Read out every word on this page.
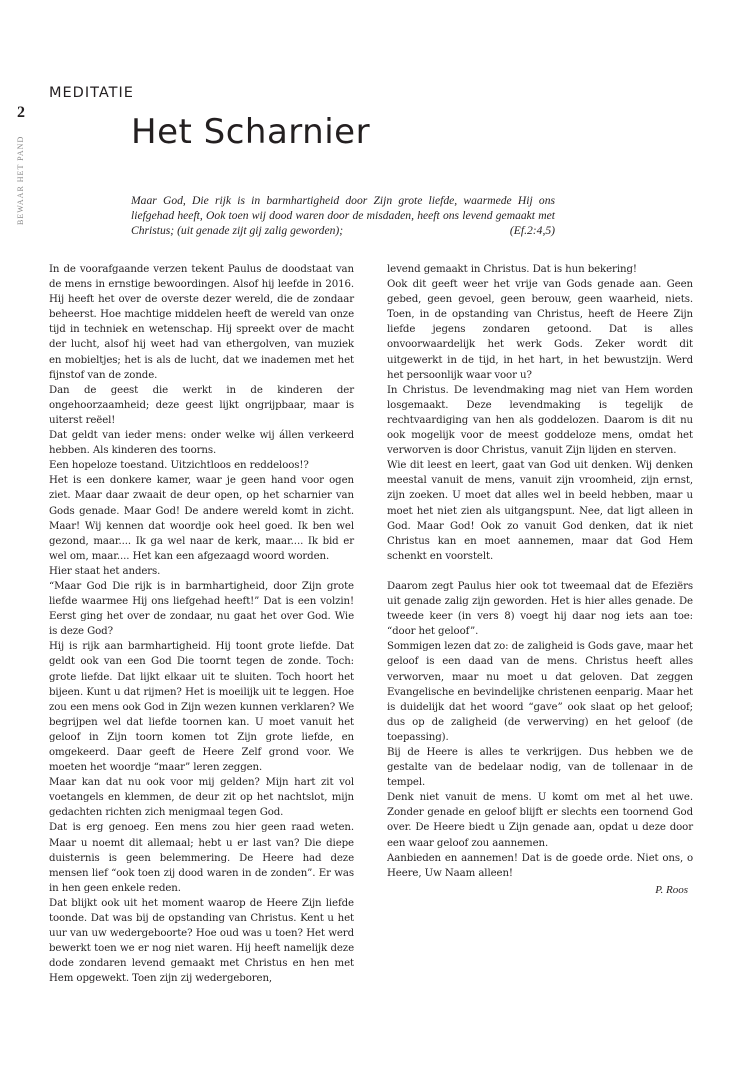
2
BEWAAR HET PAND
MEDITATIE
Het Scharnier
Maar God, Die rijk is in barmhartigheid door Zijn grote liefde, waarmede Hij ons liefgehad heeft, Ook toen wij dood waren door de misdaden, heeft ons levend gemaakt met Christus; (uit genade zijt gij zalig geworden);	(Ef.2:4,5)

In de voorafgaande verzen tekent Paulus de doodstaat van de mens in ernstige bewoordingen. Alsof hij leefde in 2016. Hij heeft het over de overste dezer wereld, die de zondaar beheerst. Hoe machtige middelen heeft de wereld van onze tijd in techniek en wetenschap. Hij spreekt over de macht der lucht, alsof hij weet had van ethergolven, van muziek en mobieltjes; het is als de lucht, dat we inademen met het fijnstof van de zonde.

Dan de geest die werkt in de kinderen der ongehoorzaamheid; deze geest lijkt ongrijpbaar, maar is uiterst reëel!

Dat geldt van ieder mens: onder welke wij állen verkeerd hebben. Als kinderen des toorns.

Een hopeloze toestand. Uitzichtloos en reddeloos!?

Het is een donkere kamer, waar je geen hand voor ogen ziet. Maar daar zwaait de deur open, op het scharnier van Gods genade. Maar God! De andere wereld komt in zicht. Maar! Wij kennen dat woordje ook heel goed. Ik ben wel gezond, maar.... Ik ga wel naar de kerk, maar.... Ik bid er wel om, maar.... Het kan een afgezaagd woord worden.

Hier staat het anders.

“Maar God Die rijk is in barmhartigheid, door Zijn grote liefde waarmee Hij ons liefgehad heeft!” Dat is een volzin! Eerst ging het over de zondaar, nu gaat het over God. Wie is deze God?

Hij is rijk aan barmhartigheid. Hij toont grote liefde. Dat geldt ook van een God Die toornt tegen de zonde. Toch: grote liefde. Dat lijkt elkaar uit te sluiten. Toch hoort het bijeen. Kunt u dat rijmen? Het is moeilijk uit te leggen. Hoe zou een mens ook God in Zijn wezen kunnen verklaren? We begrijpen wel dat liefde toornen kan. U moet vanuit het geloof in Zijn toorn komen tot Zijn grote liefde, en omgekeerd. Daar geeft de Heere Zelf grond voor. We moeten het woordje “maar” leren zeggen.

Maar kan dat nu ook voor mij gelden? Mijn hart zit vol voetangels en klemmen, de deur zit op het nachtslot, mijn gedachten richten zich menigmaal tegen God.

Dat is erg genoeg. Een mens zou hier geen raad weten. Maar u noemt dit allemaal; hebt u er last van? Die diepe duisternis is geen belemmering. De Heere had deze mensen lief “ook toen zij dood waren in de zonden”. Er was in hen geen enkele reden.

Dat blijkt ook uit het moment waarop de Heere Zijn liefde toonde. Dat was bij de opstanding van Christus. Kent u het uur van uw wedergeboorte? Hoe oud was u toen? Het werd bewerkt toen we er nog niet waren. Hij heeft namelijk deze dode zondaren levend gemaakt met Christus en hen met Hem opgewekt. Toen zijn zij wedergeboren,

levend gemaakt in Christus. Dat is hun bekering!

Ook dit geeft weer het vrije van Gods genade aan. Geen gebed, geen gevoel, geen berouw, geen waarheid, niets. Toen, in de opstanding van Christus, heeft de Heere Zijn liefde jegens zondaren getoond. Dat is alles onvoorwaardelijk het werk Gods. Zeker wordt dit uitgewerkt in de tijd, in het hart, in het bewustzijn. Werd het persoonlijk waar voor u?

In Christus. De levendmaking mag niet van Hem worden losgemaakt. Deze levendmaking is tegelijk de rechtvaardiging van hen als goddelozen. Daarom is dit nu ook mogelijk voor de meest goddeloze mens, omdat het verworven is door Christus, vanuit Zijn lijden en sterven.

Wie dit leest en leert, gaat van God uit denken. Wij denken meestal vanuit de mens, vanuit zijn vroomheid, zijn ernst, zijn zoeken. U moet dat alles wel in beeld hebben, maar u moet het niet zien als uitgangspunt. Nee, dat ligt alleen in God. Maar God! Ook zo vanuit God denken, dat ik niet Christus kan en moet aannemen, maar dat God Hem schenkt en voorstelt.

Daarom zegt Paulus hier ook tot tweemaal dat de Efeziërs uit genade zalig zijn geworden. Het is hier alles genade. De tweede keer (in vers 8) voegt hij daar nog iets aan toe: “door het geloof”.

Sommigen lezen dat zo: de zaligheid is Gods gave, maar het geloof is een daad van de mens. Christus heeft alles verworven, maar nu moet u dat geloven. Dat zeggen Evangelische en bevindelijke christenen eenparig. Maar het is duidelijk dat het woord “gave” ook slaat op het geloof; dus op de zaligheid (de verwerving) en het geloof (de toepassing).

Bij de Heere is alles te verkrijgen. Dus hebben we de gestalte van de bedelaar nodig, van de tollenaar in de tempel.

Denk niet vanuit de mens. U komt om met al het uwe. Zonder genade en geloof blijft er slechts een toornend God over. De Heere biedt u Zijn genade aan, opdat u deze door een waar geloof zou aannemen.

Aanbieden en aannemen! Dat is de goede orde. Niet ons, o Heere, Uw Naam alleen!

P. Roos
